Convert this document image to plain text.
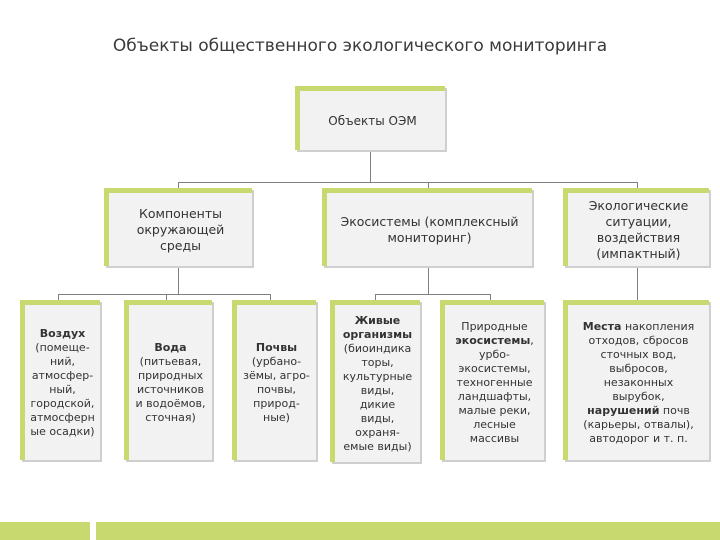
Объекты общественного экологического мониторинга
Объекты ОЭМ
Компоненты
окружающей
среды
Экосистемы (комплексный
мониторинг)
Экологические
ситуации,
воздействия
(импактный)
Воздух
(помеще-
ний,
атмосфер-
ный,
городской,
атмосферн
ые осадки)
Вода
(питьевая,
природных
источников
и водоёмов,
сточная)
Почвы
(урбано-
зёмы, агро-
почвы,
природ-
ные)
Живые
организмы
(биоиндика
торы,
культурные
виды,
дикие
виды,
охраня-
емые виды)
Природные
экосистемы,
урбо-
экосистемы,
техногенные
ландшафты,
малые реки,
лесные
массивы
Места накопления
отходов, сбросов
сточных вод,
выбросов,
незаконных
вырубок,
нарушений почв
(карьеры, отвалы),
автодорог и т. п.
